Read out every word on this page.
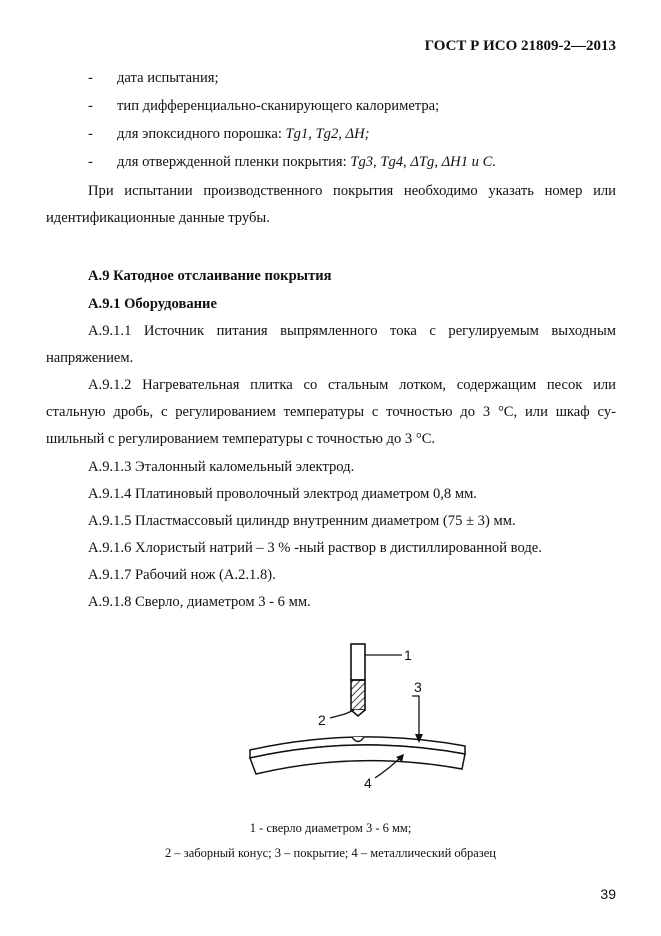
ГОСТ Р ИСО 21809-2—2013
- дата испытания;
- тип дифференциально-сканирующего калориметра;
- для эпоксидного порошка: Tg1, Tg2, ΔH;
- для отвержденной пленки покрытия: Tg3, Tg4, ΔTg, ΔH1 и C.
При испытании производственного покрытия необходимо указать номер или
идентификационные данные трубы.
А.9 Катодное отслаивание покрытия
А.9.1 Оборудование
А.9.1.1 Источник питания выпрямленного тока с регулируемым выходным
напряжением.
А.9.1.2 Нагревательная плитка со стальным лотком, содержащим песок или
стальную дробь, с регулированием температуры с точностью до 3 °С, или шкаф су-
шильный с регулированием температуры с точностью до 3 °С.
А.9.1.3 Эталонный каломельный электрод.
А.9.1.4 Платиновый проволочный электрод диаметром 0,8 мм.
А.9.1.5 Пластмассовый цилиндр внутренним диаметром (75 ± 3) мм.
А.9.1.6 Хлористый натрий – 3 % -ный раствор в дистиллированной воде.
А.9.1.7 Рабочий нож (А.2.1.8).
А.9.1.8 Сверло, диаметром 3 - 6 мм.
1
2
3
4
1 - сверло диаметром 3 - 6 мм;
2 – заборный конус; 3 – покрытие; 4 – металлический образец
39
